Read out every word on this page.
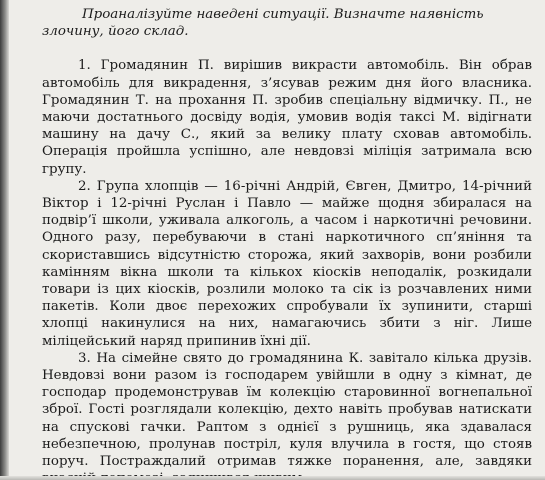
Проаналізуйте наведені ситуації. Визначте наявність злочину, його склад.

1. Громадянин П. вирішив викрасти автомобіль. Він обрав автомобіль для викрадення, з’ясував режим дня його власника. Громадянин Т. на прохання П. зробив спеціальну відмичку. П., не маючи достатнього досвіду водія, умовив водія таксі М. відігнати машину на дачу С., який за велику плату сховав автомобіль. Операція пройшла успішно, але невдовзі міліція затримала всю групу.

2. Група хлопців — 16-річні Андрій, Євген, Дмитро, 14-річний Віктор і 12-річні Руслан і Павло — майже щодня збиралася на подвір’ї школи, уживала алкоголь, а часом і наркотичні речовини. Одного разу, перебуваючи в стані наркотичного сп’яніння та скориставшись відсутністю сторожа, який захворів, вони розбили камінням вікна школи та кількох кіосків неподалік, розкидали товари із цих кіосків, розлили молоко та сік із розчавлених ними пакетів. Коли двоє перехожих спробували їх зупинити, старші хлопці накинулися на них, намагаючись збити з ніг. Лише міліцейський наряд припинив їхні дії.

3. На сімейне свято до громадянина К. завітало кілька друзів. Невдовзі вони разом із господарем увійшли в одну з кімнат, де господар продемонстрував їм колекцію старовинної вогнепальної зброї. Гості розглядали колекцію, дехто навіть пробував натискати на спускові гачки. Раптом з однієї з рушниць, яка здавалася небезпечною, пролунав постріл, куля влучила в гостя, що стояв поруч. Постраждалий отримав тяжке поранення, але, завдяки
